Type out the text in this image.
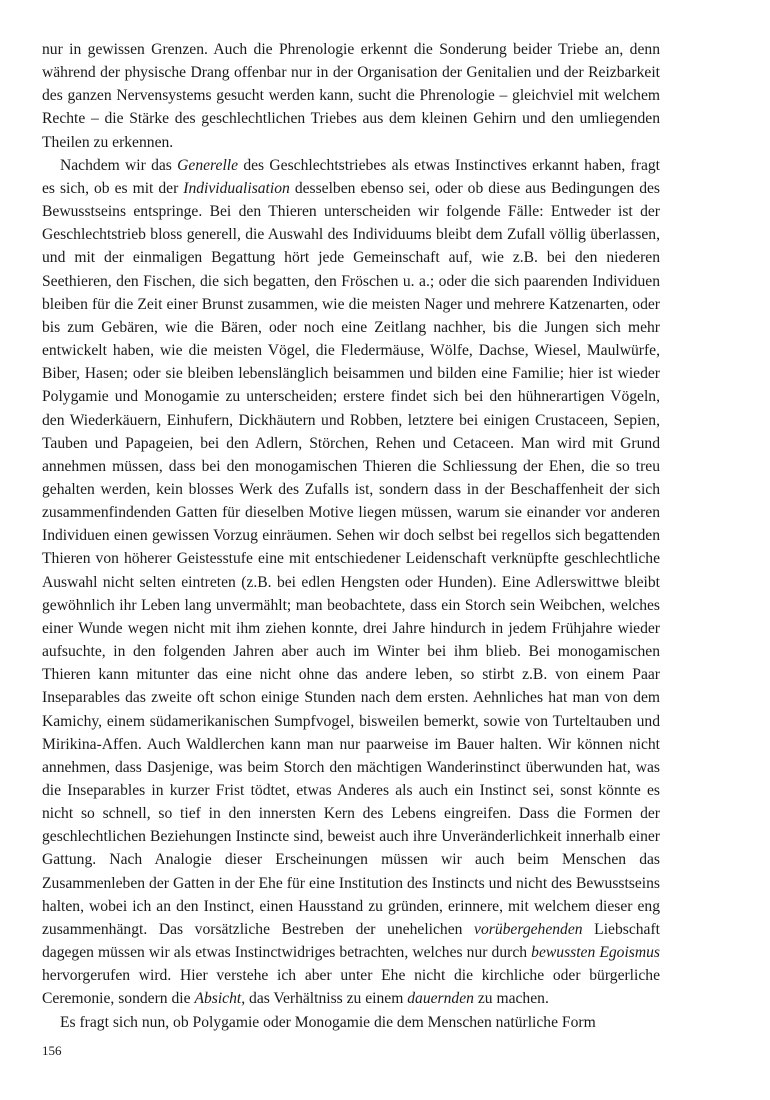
nur in gewissen Grenzen. Auch die Phrenologie erkennt die Sonderung beider Triebe an, denn während der physische Drang offenbar nur in der Organisation der Genitalien und der Reizbarkeit des ganzen Nervensystems gesucht werden kann, sucht die Phrenologie – gleichviel mit welchem Rechte – die Stärke des geschlechtlichen Triebes aus dem kleinen Gehirn und den umliegenden Theilen zu erkennen.

Nachdem wir das Generelle des Geschlechtstriebes als etwas Instinctives erkannt haben, fragt es sich, ob es mit der Individualisation desselben ebenso sei, oder ob diese aus Bedingungen des Bewusstseins entspringe. Bei den Thieren unterscheiden wir folgende Fälle: Entweder ist der Geschlechtstrieb bloss generell, die Auswahl des Individuums bleibt dem Zufall völlig überlassen, und mit der einmaligen Begattung hört jede Gemeinschaft auf, wie z.B. bei den niederen Seethieren, den Fischen, die sich begatten, den Fröschen u. a.; oder die sich paarenden Individuen bleiben für die Zeit einer Brunst zusammen, wie die meisten Nager und mehrere Katzenarten, oder bis zum Gebären, wie die Bären, oder noch eine Zeitlang nachher, bis die Jungen sich mehr entwickelt haben, wie die meisten Vögel, die Fledermäuse, Wölfe, Dachse, Wiesel, Maulwürfe, Biber, Hasen; oder sie bleiben lebenslänglich beisammen und bilden eine Familie; hier ist wieder Polygamie und Monogamie zu unterscheiden; erstere findet sich bei den hühnerartigen Vögeln, den Wiederkäuern, Einhufern, Dickhäutern und Robben, letztere bei einigen Crustaceen, Sepien, Tauben und Papageien, bei den Adlern, Störchen, Rehen und Cetaceen. Man wird mit Grund annehmen müssen, dass bei den monogamischen Thieren die Schliessung der Ehen, die so treu gehalten werden, kein blosses Werk des Zufalls ist, sondern dass in der Beschaffenheit der sich zusammenfindenden Gatten für dieselben Motive liegen müssen, warum sie einander vor anderen Individuen einen gewissen Vorzug einräumen. Sehen wir doch selbst bei regellos sich begattenden Thieren von höherer Geistesstufe eine mit entschiedener Leidenschaft verknüpfte geschlechtliche Auswahl nicht selten eintreten (z.B. bei edlen Hengsten oder Hunden). Eine Adlerswittwe bleibt gewöhnlich ihr Leben lang unvermählt; man beobachtete, dass ein Storch sein Weibchen, welches einer Wunde wegen nicht mit ihm ziehen konnte, drei Jahre hindurch in jedem Frühjahre wieder aufsuchte, in den folgenden Jahren aber auch im Winter bei ihm blieb. Bei monogamischen Thieren kann mitunter das eine nicht ohne das andere leben, so stirbt z.B. von einem Paar Inseparables das zweite oft schon einige Stunden nach dem ersten. Aehnliches hat man von dem Kamichy, einem südamerikanischen Sumpfvogel, bisweilen bemerkt, sowie von Turteltauben und Mirikina-Affen. Auch Waldlerchen kann man nur paarweise im Bauer halten. Wir können nicht annehmen, dass Dasjenige, was beim Storch den mächtigen Wanderinstinct überwunden hat, was die Inseparables in kurzer Frist tödtet, etwas Anderes als auch ein Instinct sei, sonst könnte es nicht so schnell, so tief in den innersten Kern des Lebens eingreifen. Dass die Formen der geschlechtlichen Beziehungen Instincte sind, beweist auch ihre Unveränderlichkeit innerhalb einer Gattung. Nach Analogie dieser Erscheinungen müssen wir auch beim Menschen das Zusammenleben der Gatten in der Ehe für eine Institution des Instincts und nicht des Bewusstseins halten, wobei ich an den Instinct, einen Hausstand zu gründen, erinnere, mit welchem dieser eng zusammenhängt. Das vorsätzliche Bestreben der unehelichen vorübergehenden Liebschaft dagegen müssen wir als etwas Instinctwidriges betrachten, welches nur durch bewussten Egoismus hervorgerufen wird. Hier verstehe ich aber unter Ehe nicht die kirchliche oder bürgerliche Ceremonie, sondern die Absicht, das Verhältniss zu einem dauernden zu machen.

Es fragt sich nun, ob Polygamie oder Monogamie die dem Menschen natürliche Form

156
